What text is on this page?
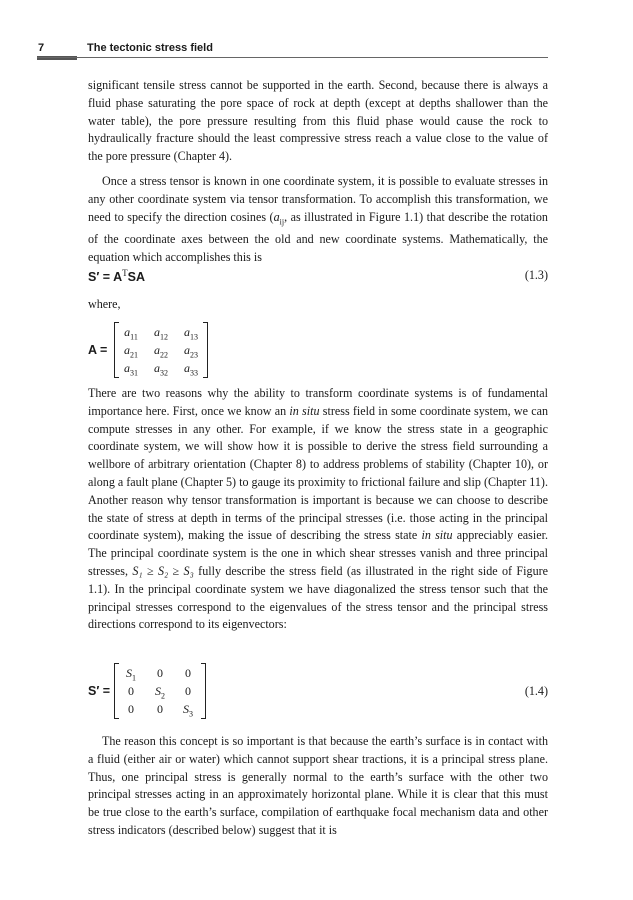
7	The tectonic stress field

significant tensile stress cannot be supported in the earth. Second, because there is always a fluid phase saturating the pore space of rock at depth (except at depths shallower than the water table), the pore pressure resulting from this fluid phase would cause the rock to hydraulically fracture should the least compressive stress reach a value close to the value of the pore pressure (Chapter 4).

Once a stress tensor is known in one coordinate system, it is possible to evaluate stresses in any other coordinate system via tensor transformation. To accomplish this transformation, we need to specify the direction cosines ($a_{ij}$, as illustrated in Figure 1.1) that describe the rotation of the coordinate axes between the old and new coordinate systems. Mathematically, the equation which accomplishes this is

$S' = A^TSA$	(1.3)
where,
A =
$a_{11}$	$a_{12}$	$a_{13}$
$a_{21}$	$a_{22}$	$a_{23}$
$a_{31}$	$a_{32}$	$a_{33}$

There are two reasons why the ability to transform coordinate systems is of fundamental importance here. First, once we know an in situ stress field in some coordinate system, we can compute stresses in any other. For example, if we know the stress state in a geographic coordinate system, we will show how it is possible to derive the stress field surrounding a wellbore of arbitrary orientation (Chapter 8) to address problems of stability (Chapter 10), or along a fault plane (Chapter 5) to gauge its proximity to frictional failure and slip (Chapter 11). Another reason why tensor transformation is important is because we can choose to describe the state of stress at depth in terms of the principal stresses (i.e. those acting in the principal coordinate system), making the issue of describing the stress state in situ appreciably easier. The principal coordinate system is the one in which shear stresses vanish and three principal stresses, S₁ ≥ S₂ ≥ S₃ fully describe the stress field (as illustrated in the right side of Figure 1.1). In the principal coordinate system we have diagonalized the stress tensor such that the principal stresses correspond to the eigenvalues of the stress tensor and the principal stress directions correspond to its eigenvectors:

S′ =
$S_1$	0	0
0	$S_2$	0
0	0	$S_3$
(1.4)

The reason this concept is so important is that because the earth’s surface is in contact with a fluid (either air or water) which cannot support shear tractions, it is a principal stress plane. Thus, one principal stress is generally normal to the earth’s surface with the other two principal stresses acting in an approximately horizontal plane. While it is clear that this must be true close to the earth’s surface, compilation of earthquake focal mechanism data and other stress indicators (described below) suggest that it is
